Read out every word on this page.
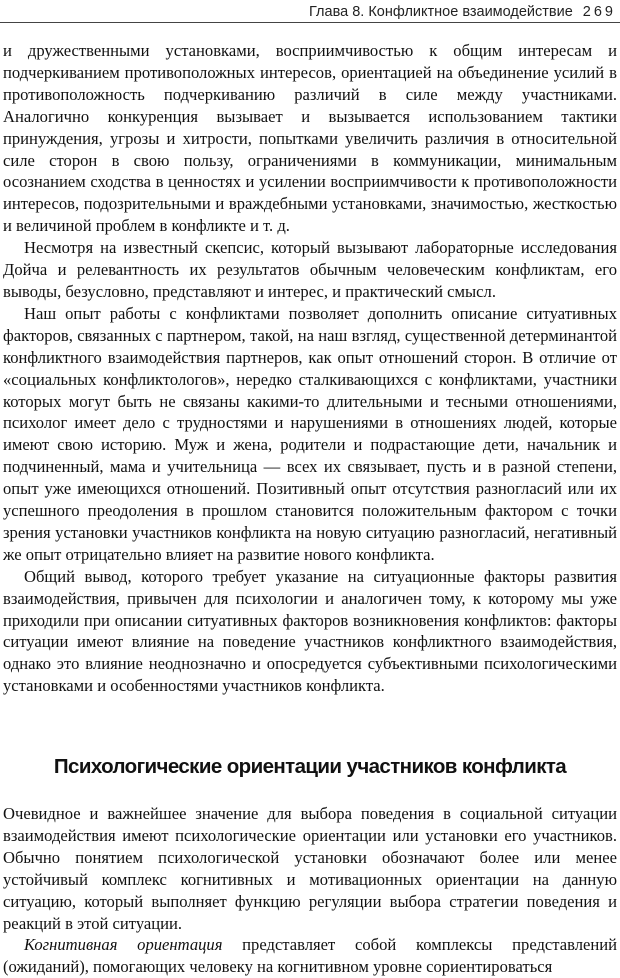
Глава 8. Конфликтное взаимодействие 269

и дружественными установками, восприимчивостью к общим интересам и подчеркиванием противоположных интересов, ориентацией на объединение усилий в противоположность подчеркиванию различий в силе между участниками. Аналогично конкуренция вызывает и вызывается использованием тактики принуждения, угрозы и хитрости, попытками увеличить различия в относительной силе сторон в свою пользу, ограничениями в коммуникации, минимальным осознанием сходства в ценностях и усилении восприимчивости к противоположности интересов, подозрительными и враждебными установками, значимостью, жесткостью и величиной проблем в конфликте и т. д.

Несмотря на известный скепсис, который вызывают лабораторные исследования Дойча и релевантность их результатов обычным человеческим конфликтам, его выводы, безусловно, представляют и интерес, и практический смысл.

Наш опыт работы с конфликтами позволяет дополнить описание ситуативных факторов, связанных с партнером, такой, на наш взгляд, существенной детерминантой конфликтного взаимодействия партнеров, как опыт отношений сторон. В отличие от «социальных конфликтологов», нередко сталкивающихся с конфликтами, участники которых могут быть не связаны какими-то длительными и тесными отношениями, психолог имеет дело с трудностями и нарушениями в отношениях людей, которые имеют свою историю. Муж и жена, родители и подрастающие дети, начальник и подчиненный, мама и учительница — всех их связывает, пусть и в разной степени, опыт уже имеющихся отношений. Позитивный опыт отсутствия разногласий или их успешного преодоления в прошлом становится положительным фактором с точки зрения установки участников конфликта на новую ситуацию разногласий, негативный же опыт отрицательно влияет на развитие нового конфликта.

Общий вывод, которого требует указание на ситуационные факторы развития взаимодействия, привычен для психологии и аналогичен тому, к которому мы уже приходили при описании ситуативных факторов возникновения конфликтов: факторы ситуации имеют влияние на поведение участников конфликтного взаимодействия, однако это влияние неоднозначно и опосредуется субъективными психологическими установками и особенностями участников конфликта.

Психологические ориентации участников конфликта

Очевидное и важнейшее значение для выбора поведения в социальной ситуации взаимодействия имеют психологические ориентации или установки его участников. Обычно понятием психологической установки обозначают более или менее устойчивый комплекс когнитивных и мотивационных ориентации на данную ситуацию, который выполняет функцию регуляции выбора стратегии поведения и реакций в этой ситуации.

Когнитивная ориентация представляет собой комплексы представлений (ожиданий), помогающих человеку на когнитивном уровне сориентироваться
